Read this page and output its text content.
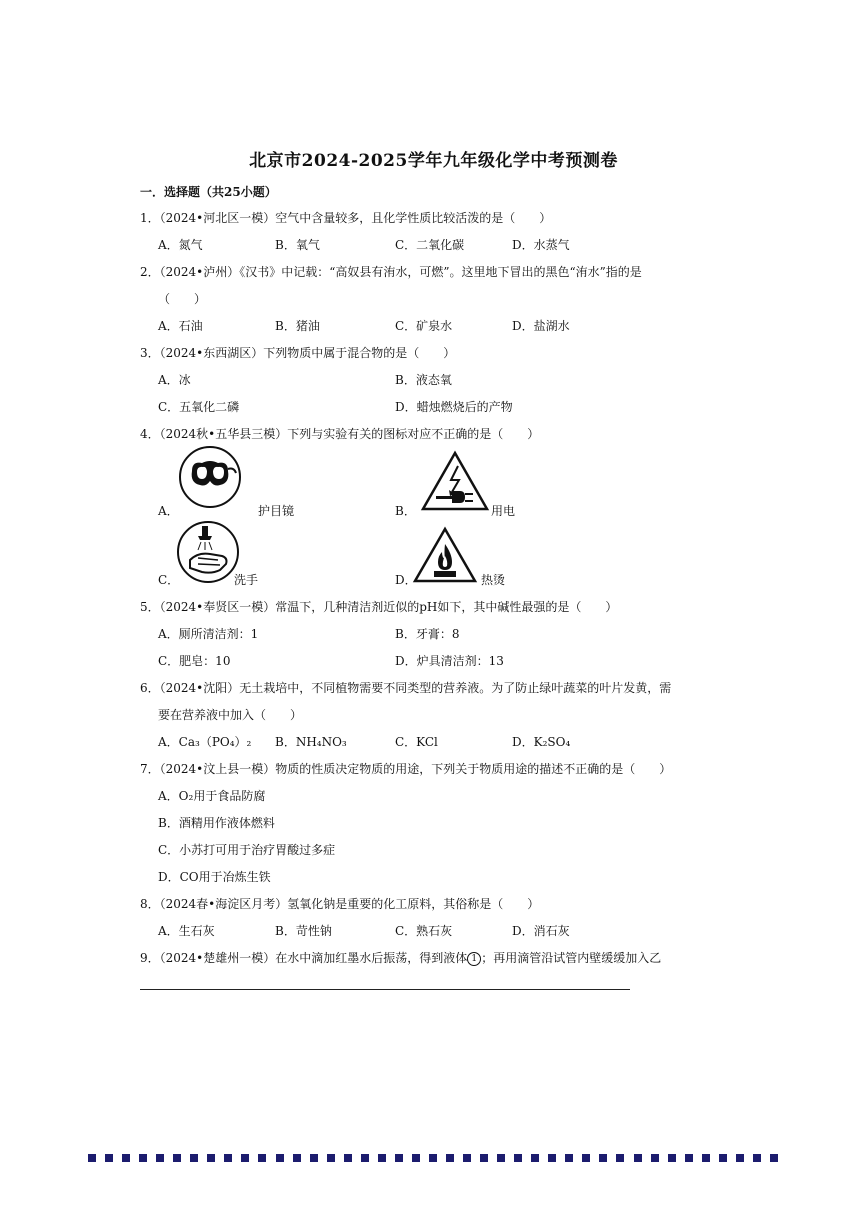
北京市2024-2025学年九年级化学中考预测卷
一．选择题（共25小题）
1．（2024•河北区一模）空气中含量较多，且化学性质比较活泼的是（　　）
A．氮气	B．氧气	C．二氧化碳	D．水蒸气
2．（2024•泸州）《汉书》中记载：“高奴县有洧水，可燃”。这里地下冒出的黑色“洧水”指的是
（　　）
A．石油	B．猪油	C．矿泉水	D．盐湖水
3．（2024•东西湖区）下列物质中属于混合物的是（　　）
A．冰	B．液态氧
C．五氧化二磷	D．蜡烛燃烧后的产物
4．（2024秋•五华县三模）下列与实验有关的图标对应不正确的是（　　）
A．	护目镜	B．	用电
C．	洗手	D．	热烫
5．（2024•奉贤区一模）常温下，几种清洁剂近似的pH如下，其中碱性最强的是（　　）
A．厕所清洁剂：1	B．牙膏：8
C．肥皂：10	D．炉具清洁剂：13
6．（2024•沈阳）无土栽培中，不同植物需要不同类型的营养液。为了防止绿叶蔬菜的叶片发黄，需
要在营养液中加入（　　）
A．Ca₃（PO₄）₂ B．NH₄NO₃	C．KCl	D．K₂SO₄
7．（2024•汶上县一模）物质的性质决定物质的用途，下列关于物质用途的描述不正确的是（　　）
A．O₂用于食品防腐
B．酒精用作液体燃料
C．小苏打可用于治疗胃酸过多症
D．CO用于冶炼生铁
8．（2024春•海淀区月考）氢氧化钠是重要的化工原料，其俗称是（　　）
A．生石灰	B．苛性钠	C．熟石灰	D．消石灰
9．（2024•楚雄州一模）在水中滴加红墨水后振荡，得到液体 1 ；再用滴管沿试管内壁缓缓加入乙
